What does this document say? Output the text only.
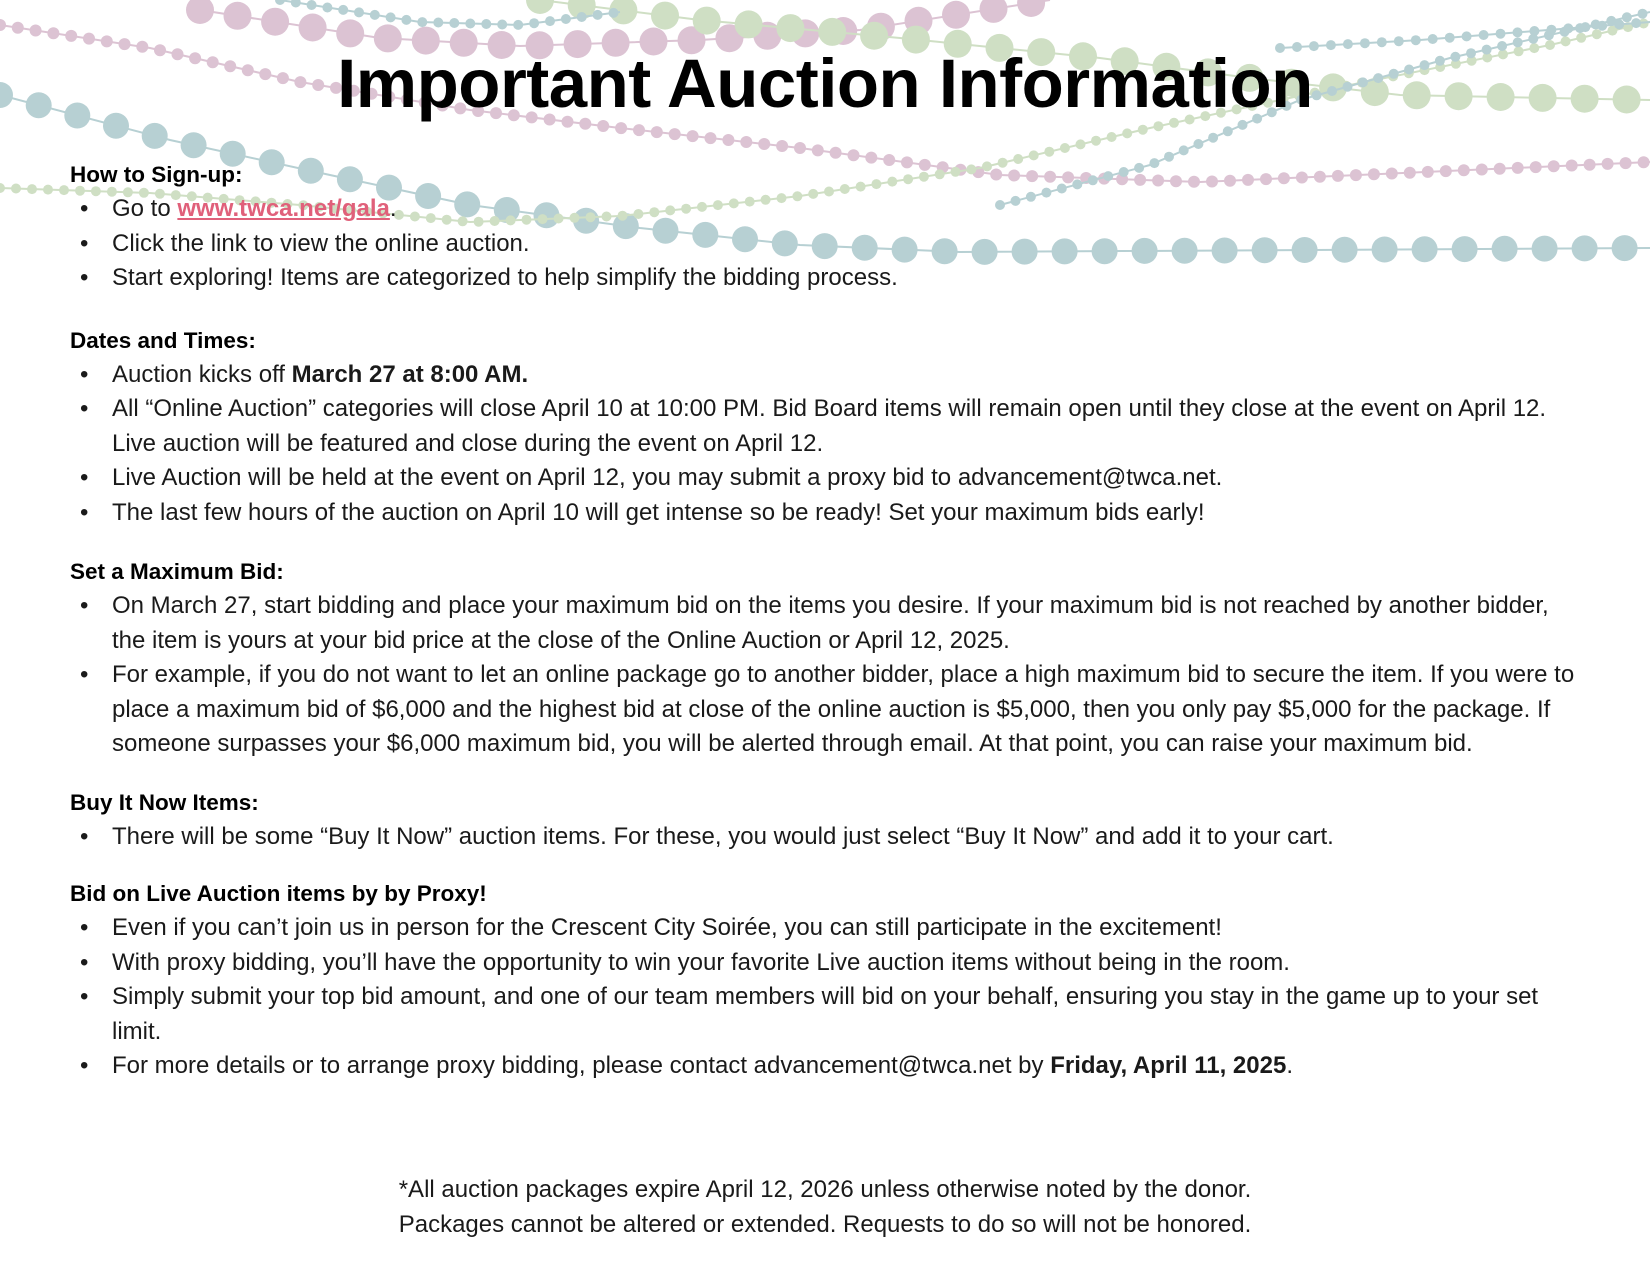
Important Auction Information
How to Sign-up:
• Go to www.twca.net/gala.
• Click the link to view the online auction.
• Start exploring! Items are categorized to help simplify the bidding process.
Dates and Times:
• Auction kicks off March 27 at 8:00 AM.
• All “Online Auction” categories will close April 10 at 10:00 PM. Bid Board items will remain open until they close at the event on April 12. Live auction will be featured and close during the event on April 12.
• Live Auction will be held at the event on April 12, you may submit a proxy bid to advancement@twca.net.
• The last few hours of the auction on April 10 will get intense so be ready! Set your maximum bids early!
Set a Maximum Bid:
• On March 27, start bidding and place your maximum bid on the items you desire. If your maximum bid is not reached by another bidder, the item is yours at your bid price at the close of the Online Auction or April 12, 2025.
• For example, if you do not want to let an online package go to another bidder, place a high maximum bid to secure the item. If you were to place a maximum bid of $6,000 and the highest bid at close of the online auction is $5,000, then you only pay $5,000 for the package. If someone surpasses your $6,000 maximum bid, you will be alerted through email. At that point, you can raise your maximum bid.
Buy It Now Items:
• There will be some “Buy It Now” auction items. For these, you would just select “Buy It Now” and add it to your cart.
Bid on Live Auction items by by Proxy!
• Even if you can’t join us in person for the Crescent City Soirée, you can still participate in the excitement!
• With proxy bidding, you’ll have the opportunity to win your favorite Live auction items without being in the room.
• Simply submit your top bid amount, and one of our team members will bid on your behalf, ensuring you stay in the game up to your set limit.
• For more details or to arrange proxy bidding, please contact advancement@twca.net by Friday, April 11, 2025.

*All auction packages expire April 12, 2026 unless otherwise noted by the donor.

Packages cannot be altered or extended. Requests to do so will not be honored.
